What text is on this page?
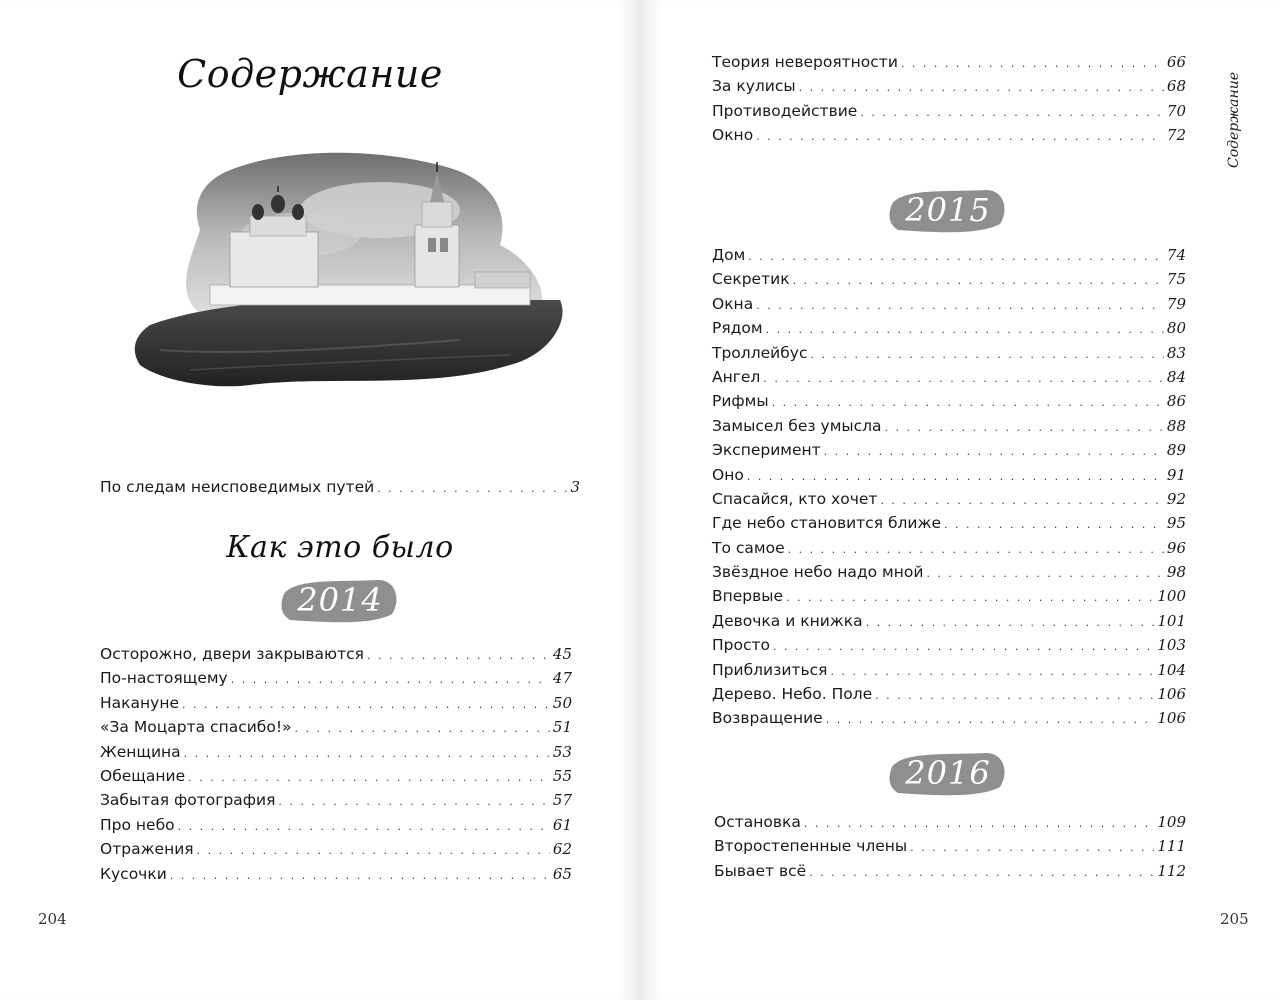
Содержание
По следам неисповедимых путей . . .	3
Как это было
2014
Осторожно, двери закрываются . . .	45
По-настоящему . . .	47
Накануне . . .	50
«За Моцарта спасибо!» . . .	51
Женщина . . .	53
Обещание . . .	55
Забытая фотография . . .	57
Про небо . . .	61
Отражения . . .	62
Кусочки . . .	65
204
Теория невероятности . . .	66
За кулисы . . .	68
Противодействие . . .	70
Окно . . .	72
2015
Дом . . .	74
Секретик . . .	75
Окна . . .	79
Рядом . . .	80
Троллейбус . . .	83
Ангел . . .	84
Рифмы . . .	86
Замысел без умысла . . .	88
Эксперимент . . .	89
Оно . . .	91
Спасайся, кто хочет . . .	92
Где небо становится ближе . . .	95
То самое . . .	96
Звёздное небо надо мной . . .	98
Впервые . . .	100
Девочка и книжка . . .	101
Просто . . .	103
Приблизиться . . .	104
Дерево. Небо. Поле . . .	106
Возвращение . . .	106
2016
Остановка . . .	109
Второстепенные члены . . .	111
Бывает всё . . .	112
205
Содержание
